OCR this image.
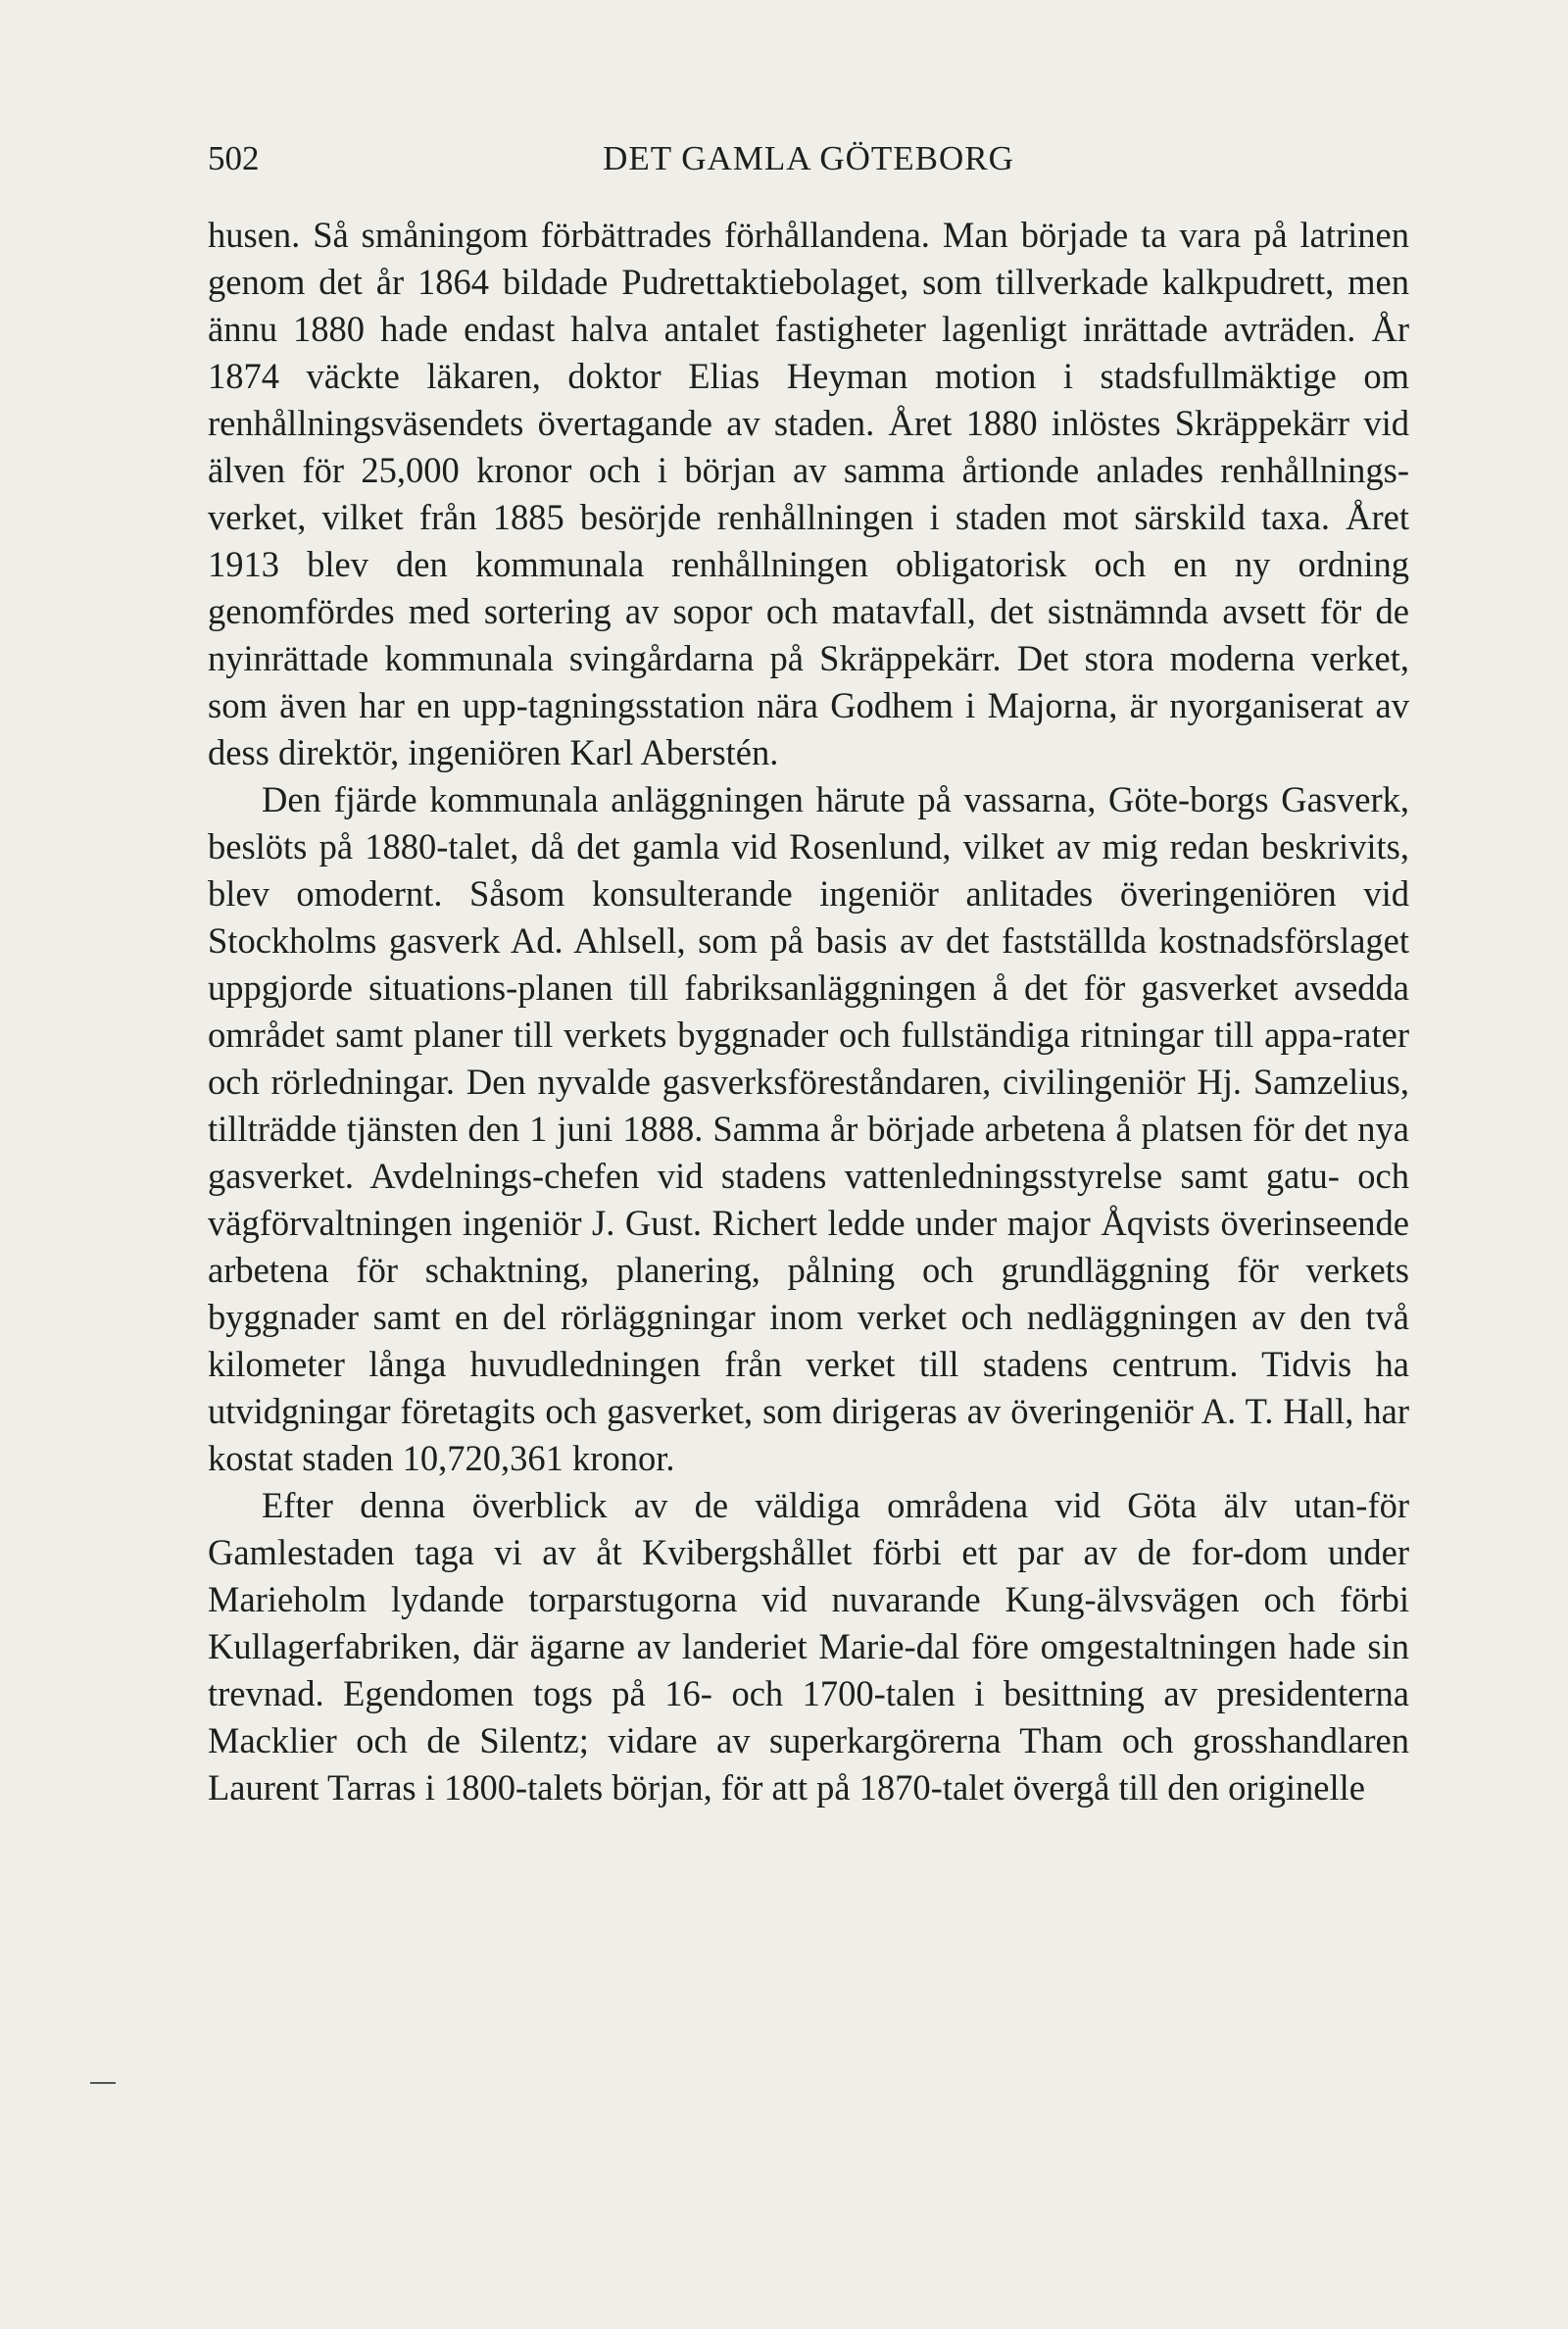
502	DET GAMLA GÖTEBORG

husen. Så småningom förbättrades förhållandena. Man började ta vara på latrinen genom det år 1864 bildade Pudrettaktiebolaget, som tillverkade kalkpudrett, men ännu 1880 hade endast halva antalet fastigheter lagenligt inrättade avträden. År 1874 väckte läkaren, doktor Elias Heyman motion i stadsfullmäktige om renhållningsväsendets övertagande av staden. Året 1880 inlöstes Skräppekärr vid älven för 25,000 kronor och i början av samma årtionde anlades renhållnings-verket, vilket från 1885 besörjde renhållningen i staden mot särskild taxa. Året 1913 blev den kommunala renhållningen obligatorisk och en ny ordning genomfördes med sortering av sopor och matavfall, det sistnämnda avsett för de nyinrättade kommunala svingårdarna på Skräppekärr. Det stora moderna verket, som även har en upp-tagningsstation nära Godhem i Majorna, är nyorganiserat av dess direktör, ingeniören Karl Aberstén.

Den fjärde kommunala anläggningen härute på vassarna, Göte-borgs Gasverk, beslöts på 1880-talet, då det gamla vid Rosenlund, vilket av mig redan beskrivits, blev omodernt. Såsom konsulterande ingeniör anlitades överingeniören vid Stockholms gasverk Ad. Ahlsell, som på basis av det fastställda kostnadsförslaget uppgjorde situations-planen till fabriksanläggningen å det för gasverket avsedda området samt planer till verkets byggnader och fullständiga ritningar till appa-rater och rörledningar. Den nyvalde gasverksföreståndaren, civilingeniör Hj. Samzelius, tillträdde tjänsten den 1 juni 1888. Samma år började arbetena å platsen för det nya gasverket. Avdelnings-chefen vid stadens vattenledningsstyrelse samt gatu- och vägförvaltningen ingeniör J. Gust. Richert ledde under major Åqvists överinseende arbetena för schaktning, planering, pålning och grundläggning för verkets byggnader samt en del rörläggningar inom verket och nedläggningen av den två kilometer långa huvudledningen från verket till stadens centrum. Tidvis ha utvidgningar företagits och gasverket, som dirigeras av överingeniör A. T. Hall, har kostat staden 10,720,361 kronor.

Efter denna överblick av de väldiga områdena vid Göta älv utan-för Gamlestaden taga vi av åt Kvibergshållet förbi ett par av de for-dom under Marieholm lydande torparstugorna vid nuvarande Kung-älvsvägen och förbi Kullagerfabriken, där ägarne av landeriet Marie-dal före omgestaltningen hade sin trevnad. Egendomen togs på 16- och 1700-talen i besittning av presidenterna Macklier och de Silentz; vidare av superkargörerna Tham och grosshandlaren Laurent Tarras i 1800-talets början, för att på 1870-talet övergå till den originelle
